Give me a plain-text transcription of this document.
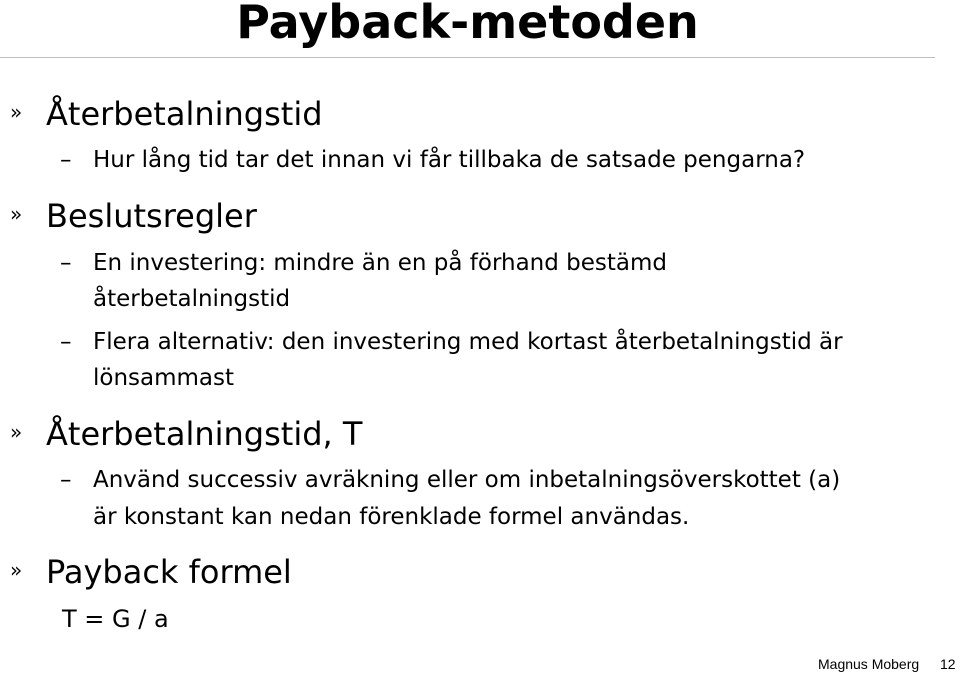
Payback-metoden
» Återbetalningstid
– Hur lång tid tar det innan vi får tillbaka de satsade pengarna?
» Beslutsregler
– En investering: mindre än en på förhand bestämd
återbetalningstid
– Flera alternativ: den investering med kortast återbetalningstid är
lönsammast
» Återbetalningstid, T
– Använd successiv avräkning eller om inbetalningsöverskottet (a)
är konstant kan nedan förenklade formel användas.
» Payback formel
T = G / a
Magnus Moberg 12
